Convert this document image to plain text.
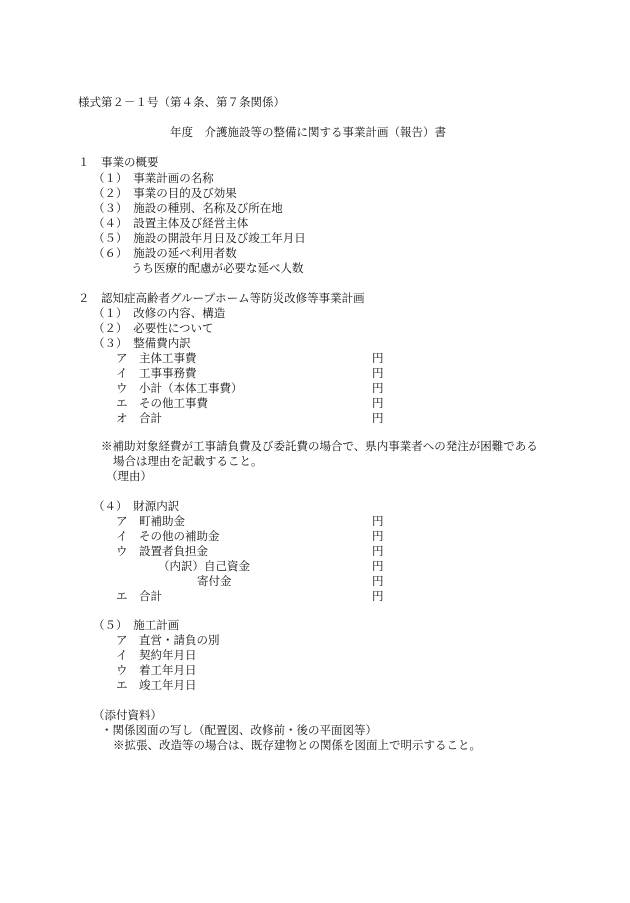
様式第２－１号（第４条、第７条関係）
年度　介護施設等の整備に関する事業計画（報告）書
１　事業の概要
（１）　事業計画の名称
（２）　事業の目的及び効果
（３）　施設の種別、名称及び所在地
（４）　設置主体及び経営主体
（５）　施設の開設年月日及び竣工年月日
（６）　施設の延べ利用者数
うち医療的配慮が必要な延べ人数
２　認知症高齢者グループホーム等防災改修等事業計画
（１）　改修の内容、構造
（２）　必要性について
（３）　整備費内訳
ア　主体工事費	円
イ　工事事務費	円
ウ　小計（本体工事費）	円
エ　その他工事費	円
オ　合計	円
※補助対象経費が工事請負費及び委託費の場合で、県内事業者への発注が困難である
場合は理由を記載すること。
（理由）
（４）　財源内訳
ア　町補助金	円
イ　その他の補助金	円
ウ　設置者負担金	円
（内訳）自己資金	円
寄付金	円
エ　合計	円
（５）　施工計画
ア　直営・請負の別
イ　契約年月日
ウ　着工年月日
エ　竣工年月日
（添付資料）
・関係図面の写し（配置図、改修前・後の平面図等）
※拡張、改造等の場合は、既存建物との関係を図面上で明示すること。
